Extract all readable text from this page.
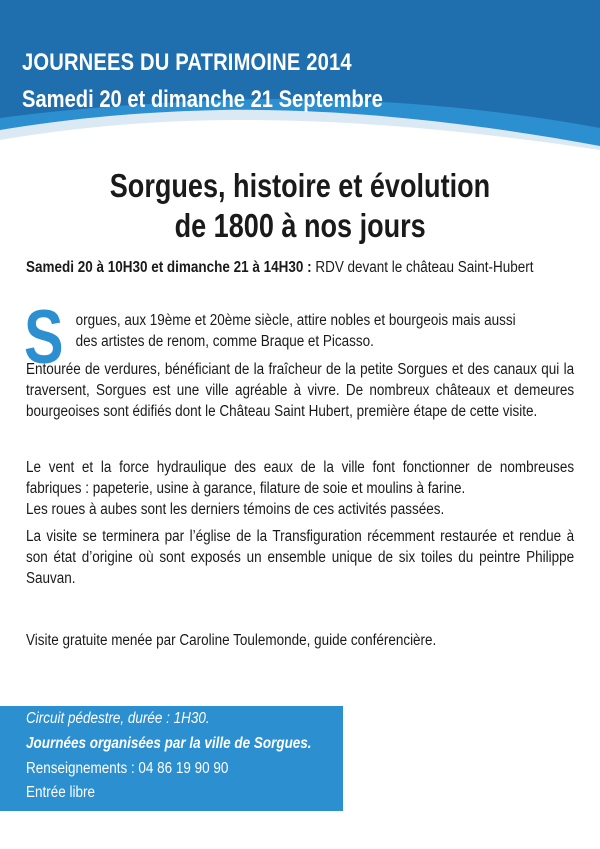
JOURNEES DU PATRIMOINE 2014
Samedi 20 et dimanche 21 Septembre
Sorgues, histoire et évolution
de 1800 à nos jours
Samedi 20 à 10H30 et dimanche 21 à 14H30 : RDV devant le château Saint-Hubert
S orgues, aux 19ème et 20ème siècle, attire nobles et bourgeois mais aussi
des artistes de renom, comme Braque et Picasso.

Entourée de verdures, bénéficiant de la fraîcheur de la petite Sorgues et des canaux qui la traversent, Sorgues est une ville agréable à vivre. De nombreux châteaux et demeures bourgeoises sont édifiés dont le Château Saint Hubert, première étape de cette visite.

Le vent et la force hydraulique des eaux de la ville font fonctionner de nombreuses fabriques : papeterie, usine à garance, filature de soie et moulins à farine.

Les roues à aubes sont les derniers témoins de ces activités passées.

La visite se terminera par l’église de la Transfiguration récemment restaurée et rendue à son état d’origine où sont exposés un ensemble unique de six toiles du peintre Philippe Sauvan.

Visite gratuite menée par Caroline Toulemonde, guide conférencière.

Circuit pédestre, durée : 1H30.
Journées organisées par la ville de Sorgues.
Renseignements : 04 86 19 90 90
Entrée libre
